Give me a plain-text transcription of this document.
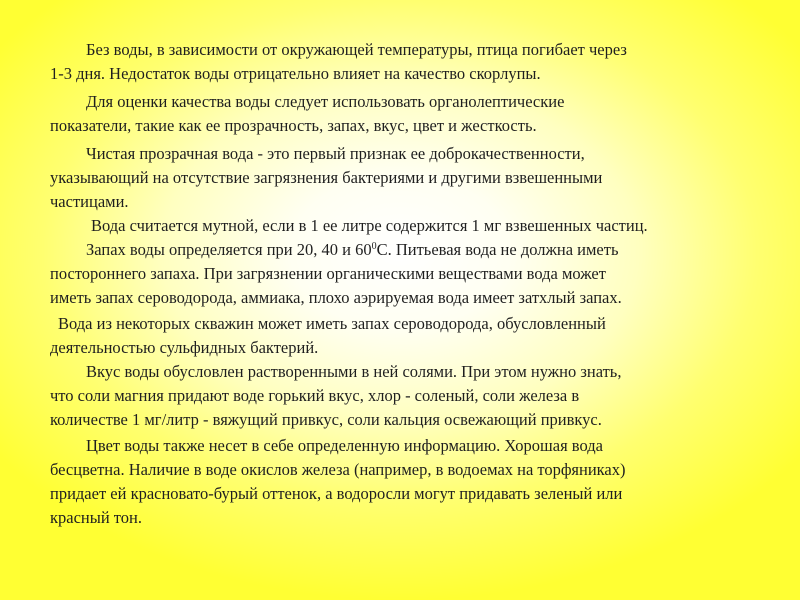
Без воды, в зависимости от окружающей температуры, птица погибает через
1-3 дня. Недостаток воды отрицательно влияет на качество скорлупы.
Для оценки качества воды следует использовать органолептические
показатели, такие как ее прозрачность, запах, вкус, цвет и жесткость.
Чистая прозрачная вода - это первый признак ее доброкачественности,
указывающий на отсутствие загрязнения бактериями и другими взвешенными
частицами.
Вода считается мутной, если в 1 ее литре содержится 1 мг взвешенных частиц.
Запах воды определяется при 20, 40 и $60^0С$. Питьевая вода не должна иметь
постороннего запаха. При загрязнении органическими веществами вода может
иметь запах сероводорода, аммиака, плохо аэрируемая вода имеет затхлый запах.
Вода из некоторых скважин может иметь запах сероводорода, обусловленный
деятельностью сульфидных бактерий.
Вкус воды обусловлен растворенными в ней солями. При этом нужно знать,
что соли магния придают воде горький вкус, хлор - соленый, соли железа в
количестве 1 мг/литр - вяжущий привкус, соли кальция освежающий привкус.
Цвет воды также несет в себе определенную информацию. Хорошая вода
бесцветна. Наличие в воде окислов железа (например, в водоемах на торфяниках)
придает ей красновато-бурый оттенок, а водоросли могут придавать зеленый или
красный тон.
